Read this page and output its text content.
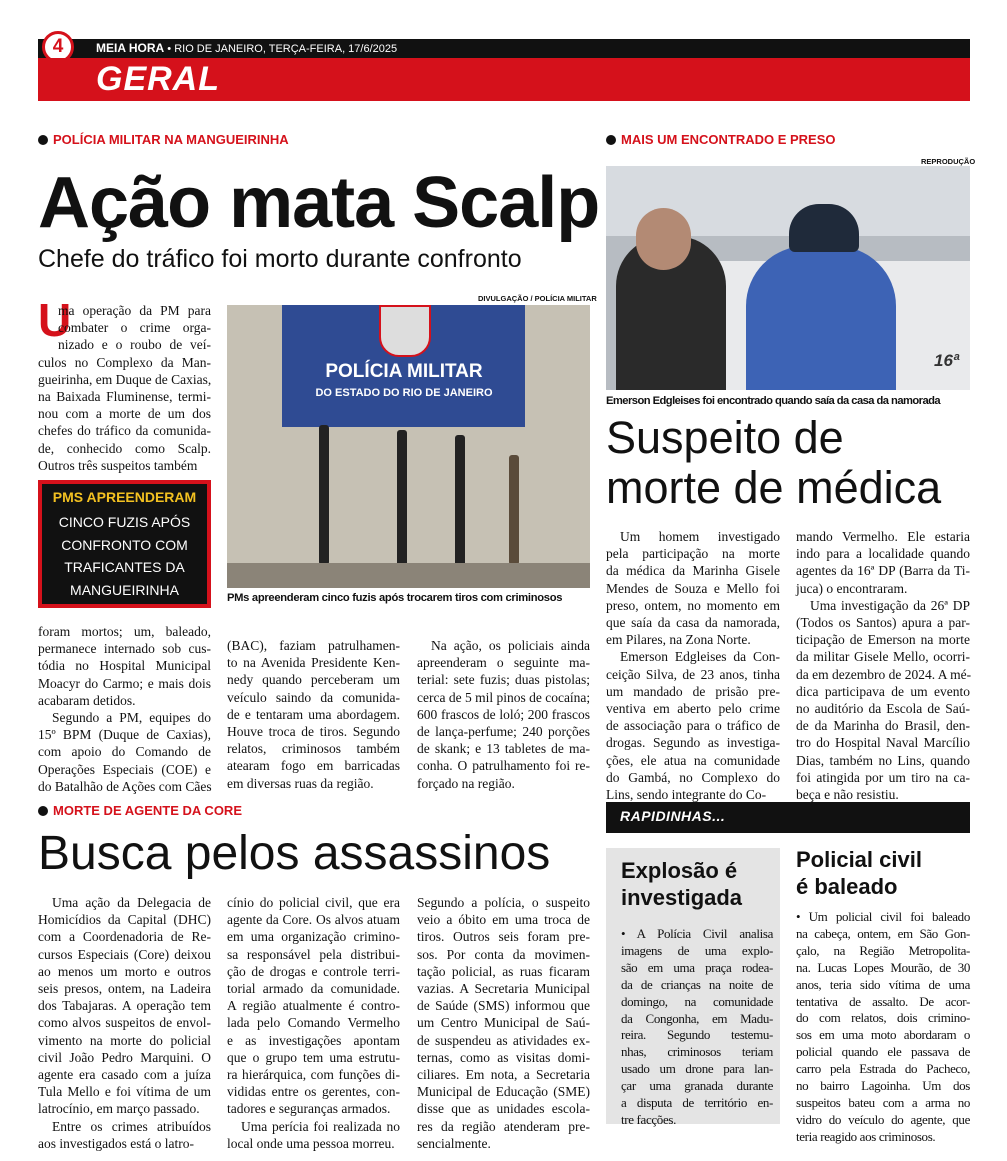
4	MEIA HORA • RIO DE JANEIRO, TERÇA-FEIRA, 17/6/2025
GERAL
POLÍCIA MILITAR NA MANGUEIRINHA
Ação mata Scalp
Chefe do tráfico foi morto durante confronto
U
ma operação da PM para
combater o crime orga-
nizado e o roubo de veí-
culos no Complexo da Man-
gueirinha, em Duque de Caxias,
na Baixada Fluminense, termi-
nou com a morte de um dos
chefes do tráfico da comunida-
de, conhecido como Scalp.
Outros três suspeitos também
DIVULGAÇÃO / POLÍCIA MILITAR
POLÍCIA MILITAR
DO ESTADO DO RIO DE JANEIRO
PMs apreenderam cinco fuzis após trocarem tiros com criminosos
PMS APREENDERAM
CINCO FUZIS APÓS CONFRONTO COM TRAFICANTES DA MANGUEIRINHA
foram mortos; um, baleado,
permanece internado sob cus-
tódia no Hospital Municipal
Moacyr do Carmo; e mais dois
acabaram detidos.
Segundo a PM, equipes do
15º BPM (Duque de Caxias),
com apoio do Comando de
Operações Especiais (COE) e
do Batalhão de Ações com Cães
(BAC), faziam patrulhamen-
to na Avenida Presidente Ken-
nedy quando perceberam um
veículo saindo da comunida-
de e tentaram uma abordagem.
Houve troca de tiros. Segundo
relatos, criminosos também
atearam fogo em barricadas
em diversas ruas da região.
Na ação, os policiais ainda
apreenderam o seguinte ma-
terial: sete fuzis; duas pistolas;
cerca de 5 mil pinos de cocaína;
600 frascos de loló; 200 frascos
de lança-perfume; 240 porções
de skank; e 13 tabletes de ma-
conha. O patrulhamento foi re-
forçado na região.
MAIS UM ENCONTRADO E PRESO
REPRODUÇÃO
16ª
Emerson Edgleises foi encontrado quando saía da casa da namorada
Suspeito de
morte de médica
Um homem investigado
pela participação na morte
da médica da Marinha Gisele
Mendes de Souza e Mello foi
preso, ontem, no momento em
que saía da casa da namorada,
em Pilares, na Zona Norte.
Emerson Edgleises da Con-
ceição Silva, de 23 anos, tinha
um mandado de prisão pre-
ventiva em aberto pelo crime
de associação para o tráfico de
drogas. Segundo as investiga-
ções, ele atua na comunidade
do Gambá, no Complexo do
Lins, sendo integrante do Co-
mando Vermelho. Ele estaria
indo para a localidade quando
agentes da 16ª DP (Barra da Ti-
juca) o encontraram.
Uma investigação da 26ª DP
(Todos os Santos) apura a par-
ticipação de Emerson na morte
da militar Gisele Mello, ocorri-
da em dezembro de 2024. A mé-
dica participava de um evento
no auditório da Escola de Saú-
de da Marinha do Brasil, den-
tro do Hospital Naval Marcílio
Dias, também no Lins, quando
foi atingida por um tiro na ca-
beça e não resistiu.
MORTE DE AGENTE DA CORE
Busca pelos assassinos
Uma ação da Delegacia de
Homicídios da Capital (DHC)
com a Coordenadoria de Re-
cursos Especiais (Core) deixou
ao menos um morto e outros
seis presos, ontem, na Ladeira
dos Tabajaras. A operação tem
como alvos suspeitos de envol-
vimento na morte do policial
civil João Pedro Marquini. O
agente era casado com a juíza
Tula Mello e foi vítima de um
latrocínio, em março passado.
Entre os crimes atribuídos
aos investigados está o latro-
cínio do policial civil, que era
agente da Core. Os alvos atuam
em uma organização crimino-
sa responsável pela distribui-
ção de drogas e controle terri-
torial armado da comunidade.
A região atualmente é contro-
lada pelo Comando Vermelho
e as investigações apontam
que o grupo tem uma estrutu-
ra hierárquica, com funções di-
vididas entre os gerentes, con-
tadores e seguranças armados.
Uma perícia foi realizada no
local onde uma pessoa morreu.
Segundo a polícia, o suspeito
veio a óbito em uma troca de
tiros. Outros seis foram pre-
sos. Por conta da movimen-
tação policial, as ruas ficaram
vazias. A Secretaria Municipal
de Saúde (SMS) informou que
um Centro Municipal de Saú-
de suspendeu as atividades ex-
ternas, como as visitas domi-
ciliares. Em nota, a Secretaria
Municipal de Educação (SME)
disse que as unidades escola-
res da região atenderam pre-
sencialmente.
RAPIDINHAS...
Explosão é
investigada
• A Polícia Civil analisa
imagens de uma explo-
são em uma praça rodea-
da de crianças na noite de
domingo, na comunidade
da Congonha, em Madu-
reira. Segundo testemu-
nhas, criminosos teriam
usado um drone para lan-
çar uma granada durante
a disputa de território en-
tre facções.
Policial civil
é baleado
• Um policial civil foi baleado
na cabeça, ontem, em São Gon-
çalo, na Região Metropolita-
na. Lucas Lopes Mourão, de 30
anos, teria sido vítima de uma
tentativa de assalto. De acor-
do com relatos, dois crimino-
sos em uma moto abordaram o
policial quando ele passava de
carro pela Estrada do Pacheco,
no bairro Lagoinha. Um dos
suspeitos bateu com a arma no
vidro do veículo do agente, que
teria reagido aos criminosos.
